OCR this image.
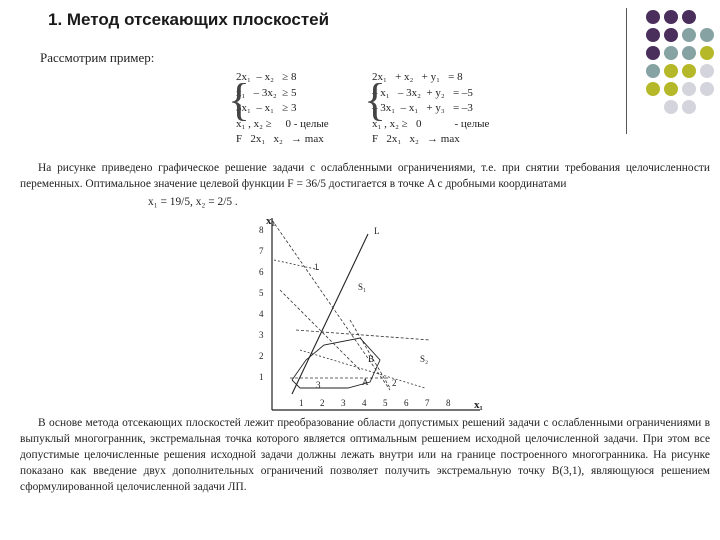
1. Метод отсекающих плоскостей
Рассмотрим пример:
{
2x₁  – x₂   ≥ 8
x₁   – 3x₂  ≥ 5
3x₁  – x₁   ≥ 3
x₁ , x₂ ≥     0 - целые
F   2x₁   x₂   → max
{
2x₁   + x₂   + y₁   = 8
– x₁   – 3x₂  + y₂   = –5
– 3x₁  – x₁   + y₃   = –3
x₁ , x₂ ≥   0            - целые
F   2x₁   x₂   → max
На рисунке приведено графическое решение задачи с ослабленными ограничениями, т.е. при снятии требования целочисленности переменных. Оптимальное значение целевой функции F = 36/5 достигается в точке A с дробными координатами
x₁ = 19/5, x₂ = 2/5 .
x₂
x₁
1 2 3 4 5 6 7 8
1
2
3
4
5
6
7
8	L
1
S₁
S₂
B
A	2
3
В основе метода отсекающих плоскостей лежит преобразование области допустимых решений задачи с ослабленными ограничениями в выпуклый многогранник, экстремальная точка которого является оптимальным решением исходной целочисленной задачи. При этом все допустимые целочисленные решения исходной задачи должны лежать внутри или на границе построенного многогранника. На рисунке показано как введение двух дополнительных ограничений позволяет получить экстремальную точку B(3,1), являющуюся решением сформулированной целочисленной задачи ЛП.
